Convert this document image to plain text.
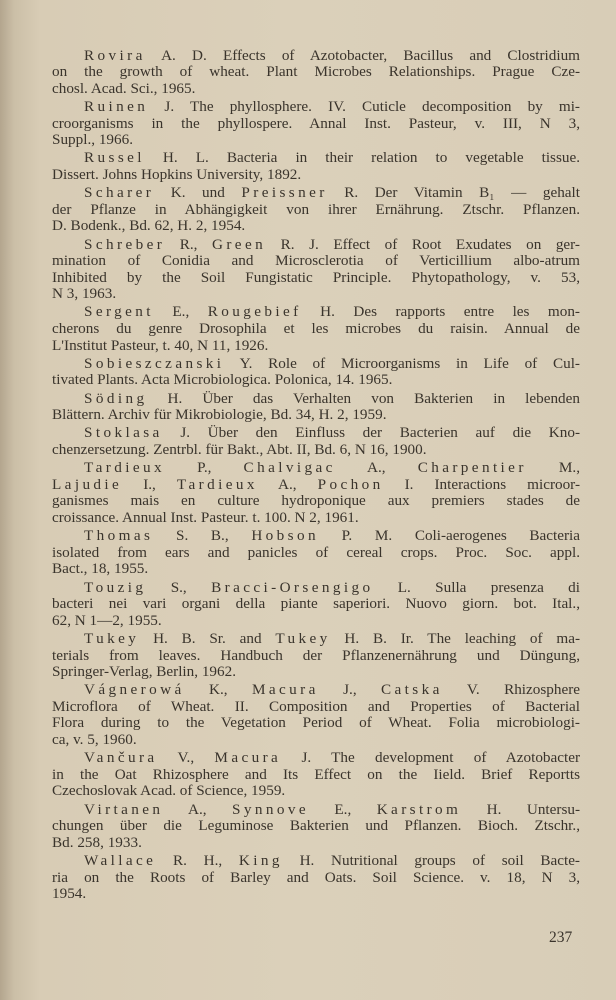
Rovira A. D. Effects of Azotobacter, Bacillus and Clostridium
on the growth of wheat. Plant Microbes Relationships. Prague Cze-
chosl. Acad. Sci., 1965.
Ruinen J. The phyllosphere. IV. Cuticle decomposition by mi-
croorganisms in the phyllospere. Annal Inst. Pasteur, v. III, N 3,
Suppl., 1966.
Russel H. L. Bacteria in their relation to vegetable tissue.
Dissert. Johns Hopkins University, 1892.
Scharer K. und Preissner R. Der Vitamin B₁ — gehalt
der Pflanze in Abhängigkeit von ihrer Ernährung. Ztschr. Pflanzen.
D. Bodenk., Bd. 62, H. 2, 1954.
Schreber R., Green R. J. Effect of Root Exudates on ger-
mination of Conidia and Microsclerotia of Verticillium albo-atrum
Inhibited by the Soil Fungistatic Principle. Phytopathology, v. 53,
N 3, 1963.
Sergent E., Rougebief H. Des rapports entre les mon-
cherons du genre Drosophila et les microbes du raisin. Annual de
L'Institut Pasteur, t. 40, N 11, 1926.
Sobieszczanski Y. Role of Microorganisms in Life of Cul-
tivated Plants. Acta Microbiologica. Polonica, 14. 1965.
Söding H. Über das Verhalten von Bakterien in lebenden
Blättern. Archiv für Mikrobiologie, Bd. 34, H. 2, 1959.
Stoklasa J. Über den Einfluss der Bacterien auf die Kno-
chenzersetzung. Zentrbl. für Bakt., Abt. II, Bd. 6, N 16, 1900.
Tardieux P., Chalvigac A., Charpentier M.,
Lajudie I., Tardieux A., Pochon I. Interactions microor-
ganismes mais en culture hydroponique aux premiers stades de
croissance. Annual Inst. Pasteur. t. 100. N 2, 1961.
Thomas S. B., Hobson P. M. Coli-aerogenes Bacteria
isolated from ears and panicles of cereal crops. Proc. Soc. appl.
Bact., 18, 1955.
Touzig S., Bracci-Orsengigo L. Sulla presenza di
bacteri nei vari organi della piante saperiori. Nuovo giorn. bot. Ital.,
62, N 1—2, 1955.
Tukey H. B. Sr. and Tukey H. B. Ir. The leaching of ma-
terials from leaves. Handbuch der Pflanzenernährung und Düngung,
Springer-Verlag, Berlin, 1962.
Vágnerowá K., Macura J., Catska V. Rhizosphere
Microflora of Wheat. II. Composition and Properties of Bacterial
Flora during to the Vegetation Period of Wheat. Folia microbiologi-
ca, v. 5, 1960.
Vančura V., Macura J. The development of Azotobacter
in the Oat Rhizosphere and Its Effect on the Iield. Brief Reportts
Czechoslovak Acad. of Science, 1959.
Virtanen A., Synnove E., Karstrom H. Untersu-
chungen über die Leguminose Bakterien und Pflanzen. Bioch. Ztschr.,
Bd. 258, 1933.
Wallace R. H., King H. Nutritional groups of soil Bacte-
ria on the Roots of Barley and Oats. Soil Science. v. 18, N 3,
1954.
237
